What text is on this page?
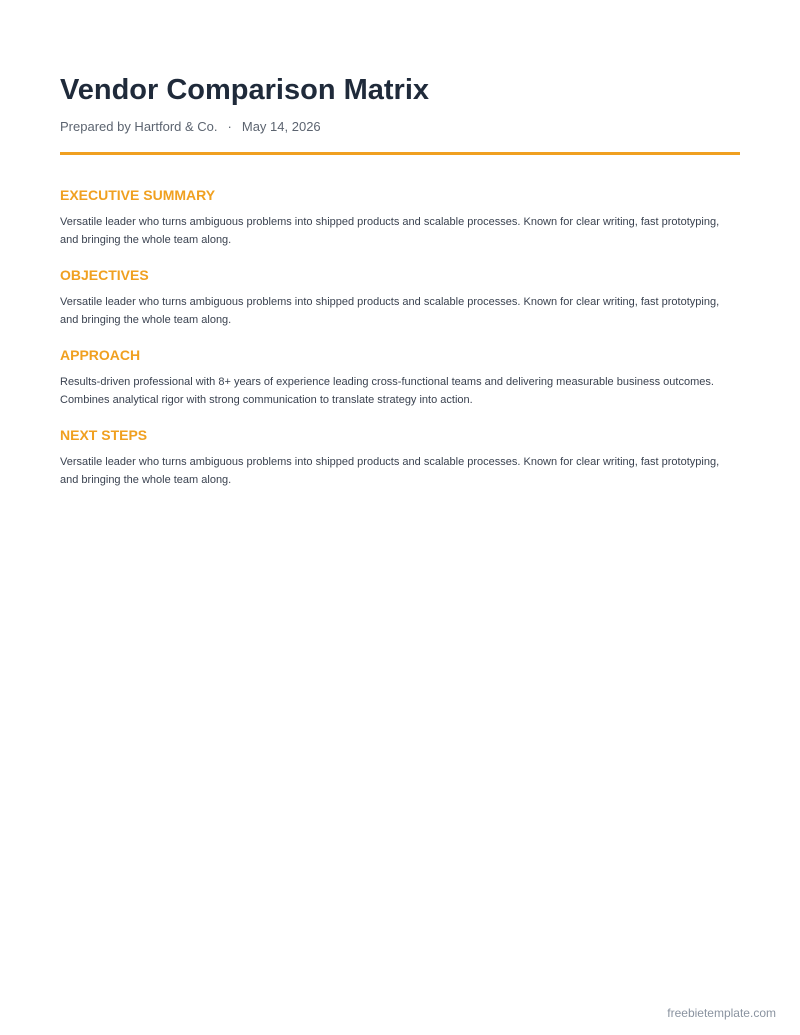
Vendor Comparison Matrix
Prepared by Hartford & Co. · May 14, 2026
EXECUTIVE SUMMARY

Versatile leader who turns ambiguous problems into shipped products and scalable processes. Known for clear writing, fast prototyping, and bringing the whole team along.

OBJECTIVES

Versatile leader who turns ambiguous problems into shipped products and scalable processes. Known for clear writing, fast prototyping, and bringing the whole team along.

APPROACH

Results-driven professional with 8+ years of experience leading cross-functional teams and delivering measurable business outcomes. Combines analytical rigor with strong communication to translate strategy into action.

NEXT STEPS

Versatile leader who turns ambiguous problems into shipped products and scalable processes. Known for clear writing, fast prototyping, and bringing the whole team along.

freebietemplate.com
